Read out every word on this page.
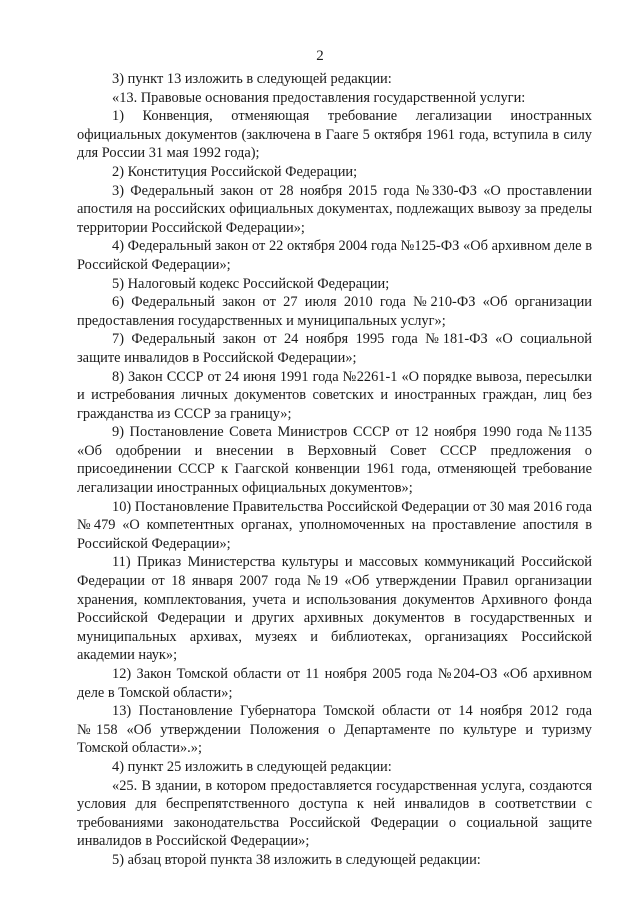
2

3) пункт 13 изложить в следующей редакции:

«13. Правовые основания предоставления государственной услуги:

1) Конвенция, отменяющая требование легализации иностранных официальных документов (заключена в Гааге 5 октября 1961 года, вступила в силу для России 31 мая 1992 года);

2) Конституция Российской Федерации;

3) Федеральный закон от 28 ноября 2015 года №330-ФЗ «О проставлении апостиля на российских официальных документах, подлежащих вывозу за пределы территории Российской Федерации»;

4) Федеральный закон от 22 октября 2004 года №125-ФЗ «Об архивном деле в Российской Федерации»;

5) Налоговый кодекс Российской Федерации;

6) Федеральный закон от 27 июля 2010 года №210-ФЗ «Об организации предоставления государственных и муниципальных услуг»;

7) Федеральный закон от 24 ноября 1995 года №181-ФЗ «О социальной защите инвалидов в Российской Федерации»;

8) Закон СССР от 24 июня 1991 года №2261-1 «О порядке вывоза, пересылки и истребования личных документов советских и иностранных граждан, лиц без гражданства из СССР за границу»;

9) Постановление Совета Министров СССР от 12 ноября 1990 года №1135 «Об одобрении и внесении в Верховный Совет СССР предложения о присоединении СССР к Гаагской конвенции 1961 года, отменяющей требование легализации иностранных официальных документов»;

10) Постановление Правительства Российской Федерации от 30 мая 2016 года №479 «О компетентных органах, уполномоченных на проставление апостиля в Российской Федерации»;

11) Приказ Министерства культуры и массовых коммуникаций Российской Федерации от 18 января 2007 года №19 «Об утверждении Правил организации хранения, комплектования, учета и использования документов Архивного фонда Российской Федерации и других архивных документов в государственных и муниципальных архивах, музеях и библиотеках, организациях Российской академии наук»;

12) Закон Томской области от 11 ноября 2005 года №204-ОЗ «Об архивном деле в Томской области»;

13) Постановление Губернатора Томской области от 14 ноября 2012 года №158 «Об утверждении Положения о Департаменте по культуре и туризму Томской области».»;

4) пункт 25 изложить в следующей редакции:

«25. В здании, в котором предоставляется государственная услуга, создаются условия для беспрепятственного доступа к ней инвалидов в соответствии с требованиями законодательства Российской Федерации о социальной защите инвалидов в Российской Федерации»;

5) абзац второй пункта 38 изложить в следующей редакции:
